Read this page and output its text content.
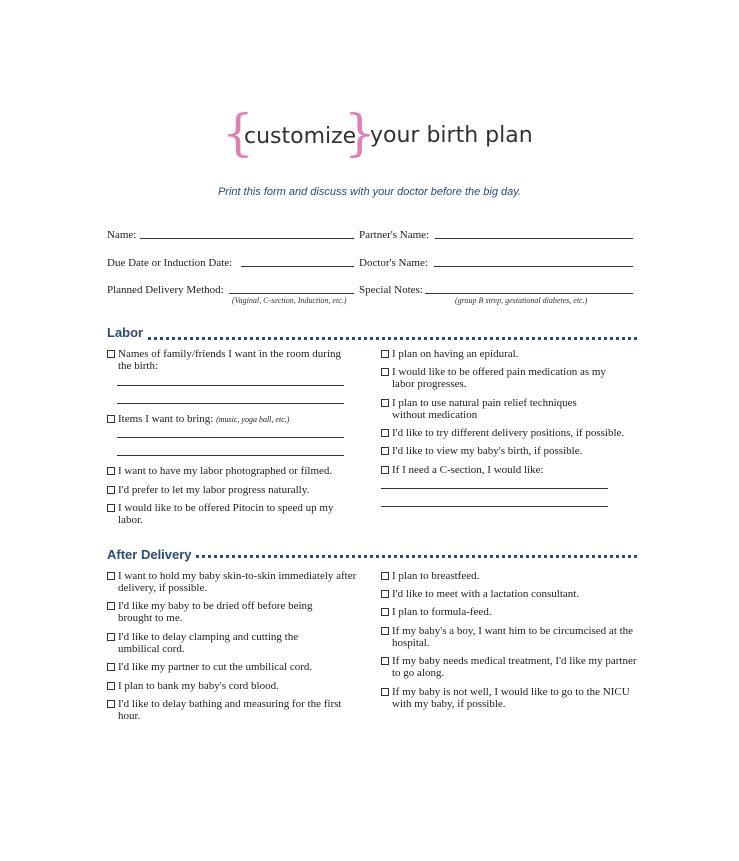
{
customize
}
your birth plan
Print this form and discuss with your doctor before the big day.
Name:	Partner's Name:
Due Date or Induction Date:	Doctor's Name:
Planned Delivery Method:
(Vaginal, C-section, Induction, etc.)
Special Notes:
(group B strep, gestational diabetes, etc.)
Labor
Names of family/friends I want in the room during the birth:
Items I want to bring: (music, yoga ball, etc.)
I want to have my labor photographed or filmed.
I'd prefer to let my labor progress naturally.
I would like to be offered Pitocin to speed up my labor.
I plan on having an epidural.
I would like to be offered pain medication as my labor progresses.
I plan to use natural pain relief techniques without medication
I'd like to try different delivery positions, if possible.
I'd like to view my baby's birth, if possible.
If I need a C-section, I would like:
After Delivery
I want to hold my baby skin-to-skin immediately after delivery, if possible.
I'd like my baby to be dried off before being brought to me.
I'd like to delay clamping and cutting the umbilical cord.
I'd like my partner to cut the umbilical cord.
I plan to bank my baby's cord blood.
I'd like to delay bathing and measuring for the first hour.
I plan to breastfeed.
I'd like to meet with a lactation consultant.
I plan to formula-feed.
If my baby's a boy, I want him to be circumcised at the hospital.
If my baby needs medical treatment, I'd like my partner to go along.
If my baby is not well, I would like to go to the NICU with my baby, if possible.
